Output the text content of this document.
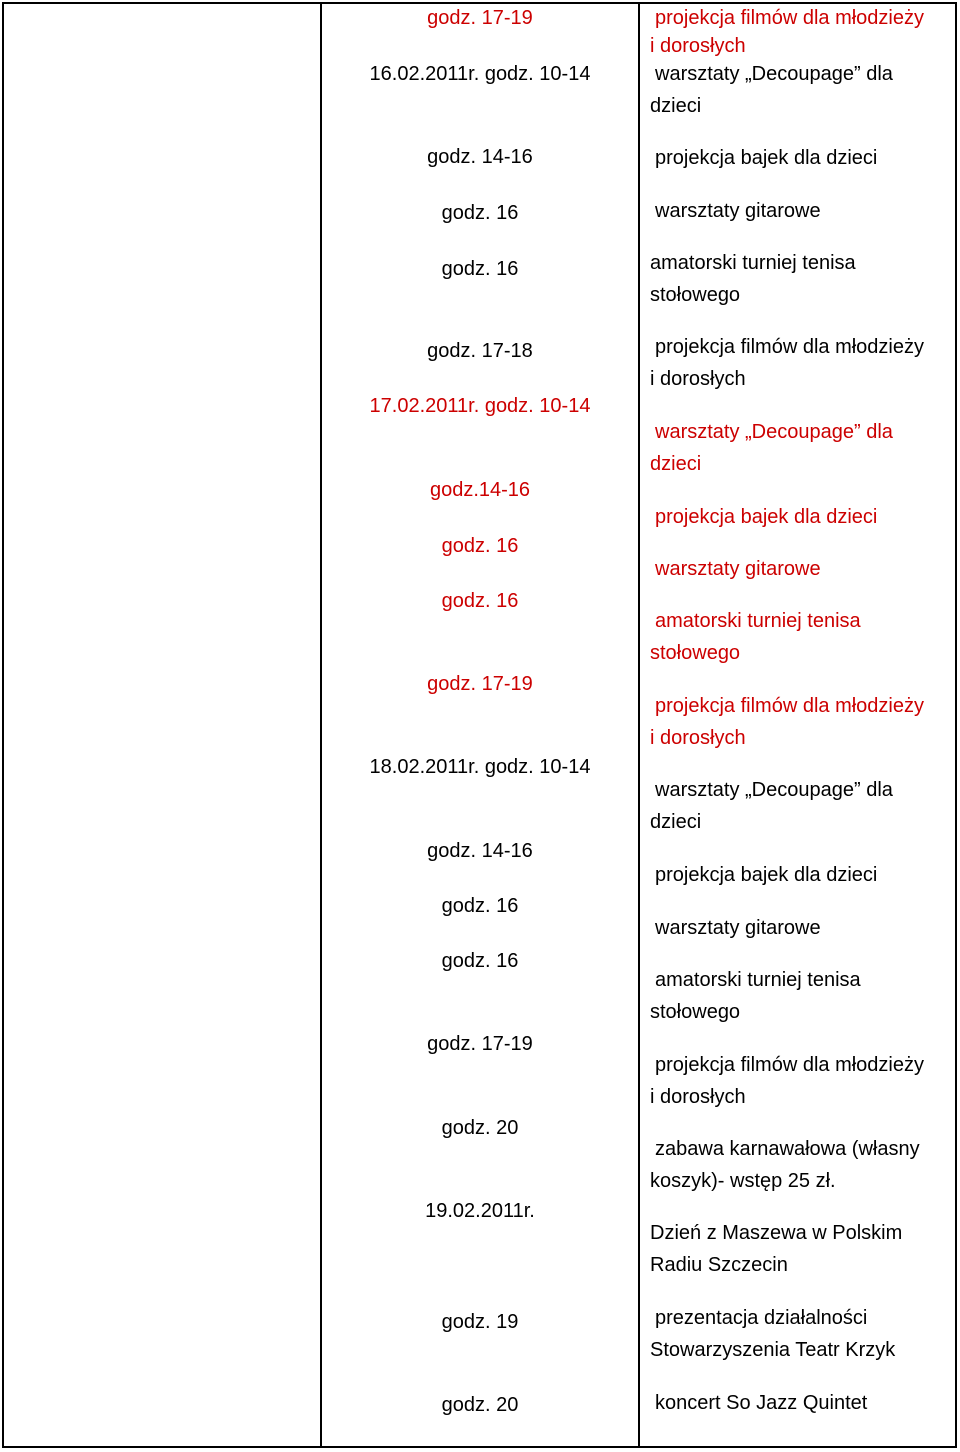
godz. 17-19
16.02.2011r. godz. 10-14
godz. 14-16
godz. 16
godz. 16
godz. 17-18
17.02.2011r. godz. 10-14
godz.14-16
godz. 16
godz. 16
godz. 17-19
18.02.2011r. godz. 10-14
godz. 14-16
godz. 16
godz. 16
godz. 17-19
godz. 20
19.02.2011r.
godz. 19
godz. 20
projekcja filmów dla młodzieży
i dorosłych
warsztaty „Decoupage” dla
dzieci
projekcja bajek dla dzieci
warsztaty gitarowe
amatorski turniej tenisa
stołowego
projekcja filmów dla młodzieży
i dorosłych
warsztaty „Decoupage” dla
dzieci
projekcja bajek dla dzieci
warsztaty gitarowe
amatorski turniej tenisa
stołowego
projekcja filmów dla młodzieży
i dorosłych
warsztaty „Decoupage” dla
dzieci
projekcja bajek dla dzieci
warsztaty gitarowe
amatorski turniej tenisa
stołowego
projekcja filmów dla młodzieży
i dorosłych
zabawa karnawałowa (własny
koszyk)- wstęp 25 zł.
Dzień z Maszewa w Polskim
Radiu Szczecin
prezentacja działalności
Stowarzyszenia Teatr Krzyk
koncert So Jazz Quintet
